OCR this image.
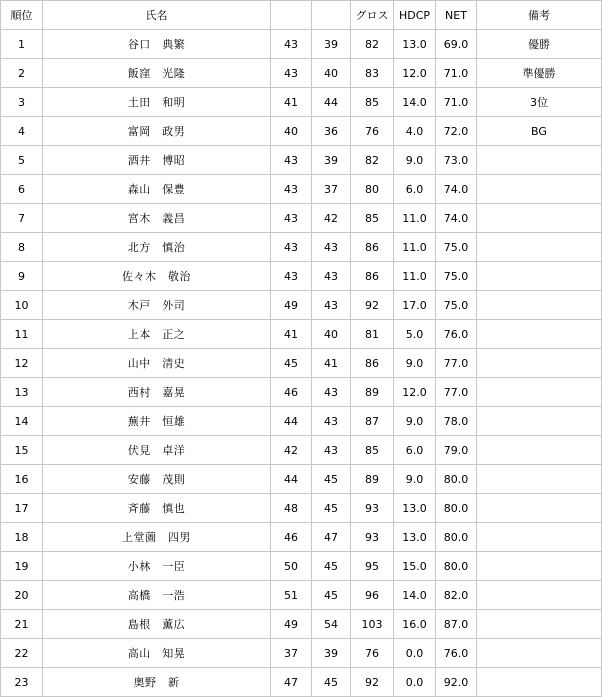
順位	氏名			グロス	HDCP	NET	備考
1	谷口　典繁	43	39	82	13.0	69.0	優勝
2	飯窪　光隆	43	40	83	12.0	71.0	準優勝
3	土田　和明	41	44	85	14.0	71.0	3位
4	富岡　政男	40	36	76	4.0	72.0	BG
5	酒井　博昭	43	39	82	9.0	73.0	
6	森山　保豊	43	37	80	6.0	74.0	
7	宮木　義昌	43	42	85	11.0	74.0	
8	北方　慎治	43	43	86	11.0	75.0	
9	佐々木　敬治	43	43	86	11.0	75.0	
10	木戸　外司	49	43	92	17.0	75.0	
11	上本　正之	41	40	81	5.0	76.0	
12	山中　清史	45	41	86	9.0	77.0	
13	西村　嘉晃	46	43	89	12.0	77.0	
14	蕪井　恒雄	44	43	87	9.0	78.0	
15	伏見　卓洋	42	43	85	6.0	79.0	
16	安藤　茂則	44	45	89	9.0	80.0	
17	斉藤　慎也	48	45	93	13.0	80.0	
18	上堂薗　四男	46	47	93	13.0	80.0	
19	小林　一臣	50	45	95	15.0	80.0	
20	高橋　一浩	51	45	96	14.0	82.0	
21	島根　薫広	49	54	103	16.0	87.0	
22	高山　知晃	37	39	76	0.0	76.0	
23	奥野　新	47	45	92	0.0	92.0	
